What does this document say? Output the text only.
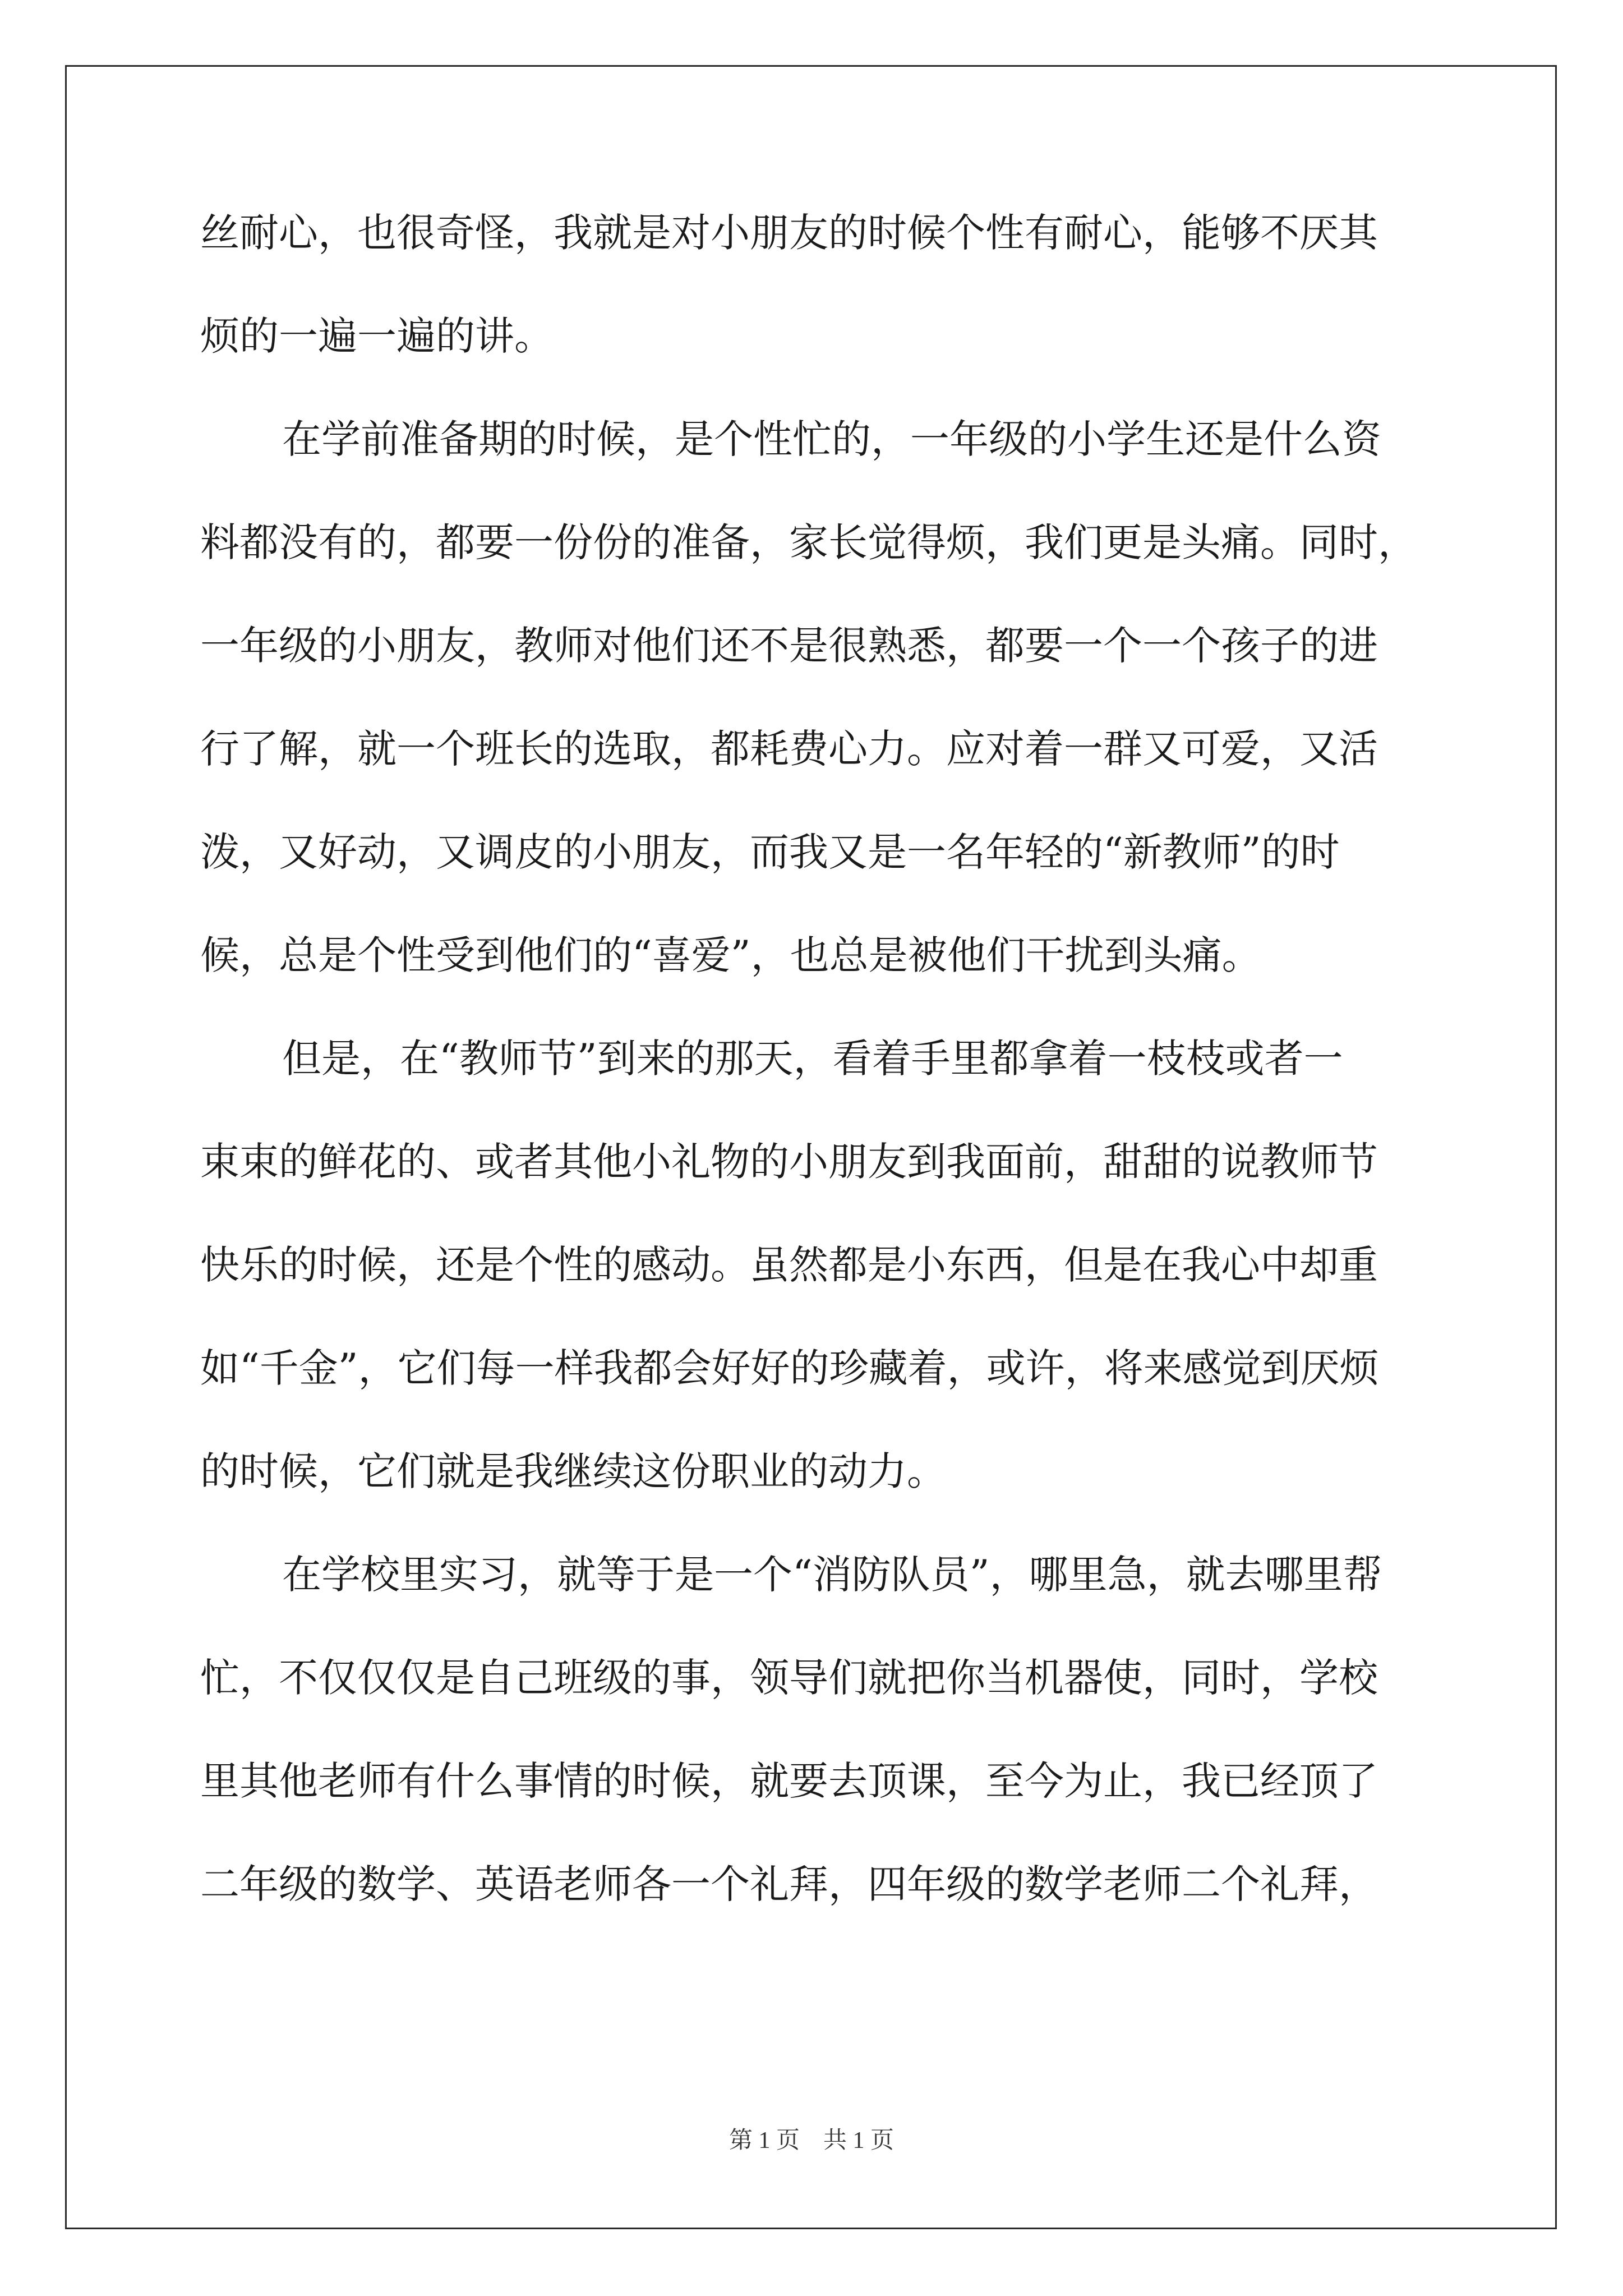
丝耐心，也很奇怪，我就是对小朋友的时候个性有耐心，能够不厌其
烦的一遍一遍的讲。
在学前准备期的时候，是个性忙的，一年级的小学生还是什么资
料都没有的，都要一份份的准备，家长觉得烦，我们更是头痛。同时，
一年级的小朋友，教师对他们还不是很熟悉，都要一个一个孩子的进
行了解，就一个班长的选取，都耗费心力。应对着一群又可爱，又活
泼，又好动，又调皮的小朋友，而我又是一名年轻的“新教师”的时
候，总是个性受到他们的“喜爱”，也总是被他们干扰到头痛。
但是，在“教师节”到来的那天，看着手里都拿着一枝枝或者一
束束的鲜花的、或者其他小礼物的小朋友到我面前，甜甜的说教师节
快乐的时候，还是个性的感动。虽然都是小东西，但是在我心中却重
如“千金”，它们每一样我都会好好的珍藏着，或许，将来感觉到厌烦
的时候，它们就是我继续这份职业的动力。
在学校里实习，就等于是一个“消防队员”，哪里急，就去哪里帮
忙，不仅仅仅是自己班级的事，领导们就把你当机器使，同时，学校
里其他老师有什么事情的时候，就要去顶课，至今为止，我已经顶了
二年级的数学、英语老师各一个礼拜，四年级的数学老师二个礼拜，
第 1 页　共 1 页
